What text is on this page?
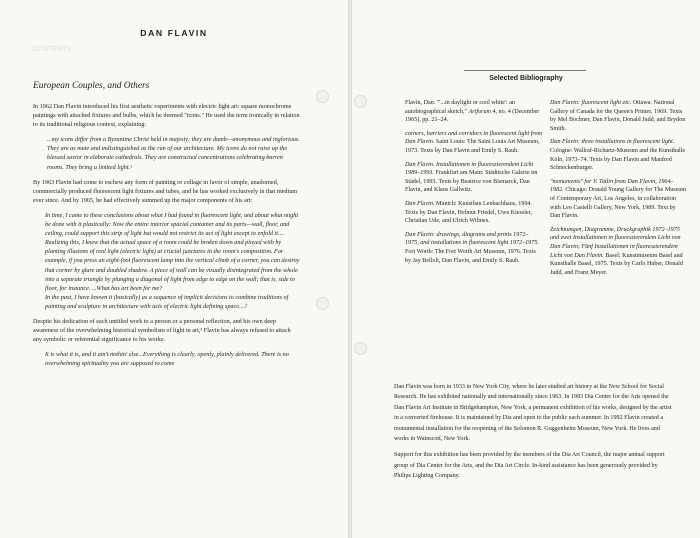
DAN FLAVIN
CONTENTS
European Couples, and Others

In 1962 Dan Flavin introduced his first aesthetic experiments with electric light art: square monochrome paintings with attached fixtures and bulbs, which he deemed "icons." He used the term ironically in relation to its traditional religious context, explaining:

...my icons differ from a Byzantine Christ held in majesty; they are dumb—anonymous and inglorious. They are as mute and indistinguished as the run of our architecture. My icons do not raise up the blessed savior in elaborate cathedrals. They are constructed concentrations celebrating barren rooms. They bring a limited light.¹

By 1963 Flavin had come to eschew any form of painting or collage in favor of simple, unadorned, commercially produced fluorescent light fixtures and tubes, and he has worked exclusively in that medium ever since. And by 1965, he had effectively summed up the major components of his art:

In time, I came to these conclusions about what I had found in fluorescent light, and about what might be done with it plastically: Now the entire interior spacial container and its parts—wall, floor, and ceiling, could support this strip of light but would not restrict its act of light except to enfold it.... Realizing this, I knew that the actual space of a room could be broken down and played with by planting illusions of real light (electric light) at crucial junctures in the room's composition. For example, if you press an eight-foot fluorescent lamp into the vertical climb of a corner, you can destroy that corner by glare and doubled shadow. A piece of wall can be visually disintegrated from the whole into a separate triangle by plunging a diagonal of light from edge to edge on the wall; that is, side to floor, for instance. ...What has art been for me?

In the past, I have known it (basically) as a sequence of implicit decisions to combine traditions of painting and sculpture in architecture with acts of electric light defining space....²

Despite his dedication of each untitled work to a person or a personal reflection, and his own deep awareness of the overwhelming historical symbolism of light in art,³ Flavin has always refused to attach any symbolic or referential significance to his works:

It is what it is, and it ain't nothin' else...Everything is clearly, openly, plainly delivered. There is no overwhelming spirituality you are supposed to come

Selected Bibliography
Flavin, Dan. "'...in daylight or cool white': an autobiographical sketch," Artforum 4, no. 4 (December 1965), pp. 21–24.
corners, barriers and corridors in fluorescent light from Dan Flavin. Saint Louis: The Saint Louis Art Museum, 1973. Texts by Dan Flavin and Emily S. Rauh.
Dan Flavin. Installationen in fluoreszierendem Licht 1989–1993. Frankfurt am Main: Städtische Galerie im Städel, 1993. Texts by Beatrice von Bismarck, Dan Flavin, and Klaus Gallwitz.
Dan Flavin. Munich: Kunstbau Lenbachhaus, 1994. Texts by Dan Flavin, Helmut Friedel, Uwe Kiessler, Christian Ude, and Ulrich Wilmes.
Dan Flavin: drawings, diagrams and prints 1972–1975, and installations in fluorescent light 1972–1975. Fort Worth: The Fort Worth Art Museum, 1976. Texts by Jay Belloli, Dan Flavin, and Emily S. Rauh.
Dan Flavin: fluorescent light etc. Ottawa: National Gallery of Canada for the Queen's Printer, 1969. Texts by Mel Bochner, Dan Flavin, Donald Judd, and Brydon Smith.
Dan Flavin: three installations in fluorescent light. Cologne: Wallraf-Richartz-Museum and the Kunsthalle Köln, 1973–74. Texts by Dan Flavin and Manfred Schneckenburger.
"monuments" for V. Tatlin from Dan Flavin, 1964–1982. Chicago: Donald Young Gallery for The Museum of Contemporary Art, Los Angeles, in collaboration with Leo Castelli Gallery, New York, 1989. Text by Dan Flavin.
Zeichnungen, Diagramme, Druckgraphik 1972–1975 und zwei Installationen in fluoreszierendem Licht von Dan Flavin; Fünf Installationen in fluoreszierendem Licht von Dan Flavin. Basel: Kunstmuseum Basel and Kunsthalle Basel, 1975. Texts by Carlo Huber, Donald Judd, and Franz Meyer.

Dan Flavin was born in 1933 in New York City, where he later studied art history at the New School for Social Research. He has exhibited nationally and internationally since 1963. In 1983 Dia Center for the Arts opened the Dan Flavin Art Institute in Bridgehampton, New York, a permanent exhibition of his works, designed by the artist in a converted firehouse. It is maintained by Dia and open to the public each summer. In 1992 Flavin created a monumental installation for the reopening of the Solomon R. Guggenheim Museum, New York. He lives and works in Wainscott, New York.

Support for this exhibition has been provided by the members of the Dia Art Council, the major annual support group of Dia Center for the Arts, and the Dia Art Circle. In-kind assistance has been generously provided by Philips Lighting Company.
